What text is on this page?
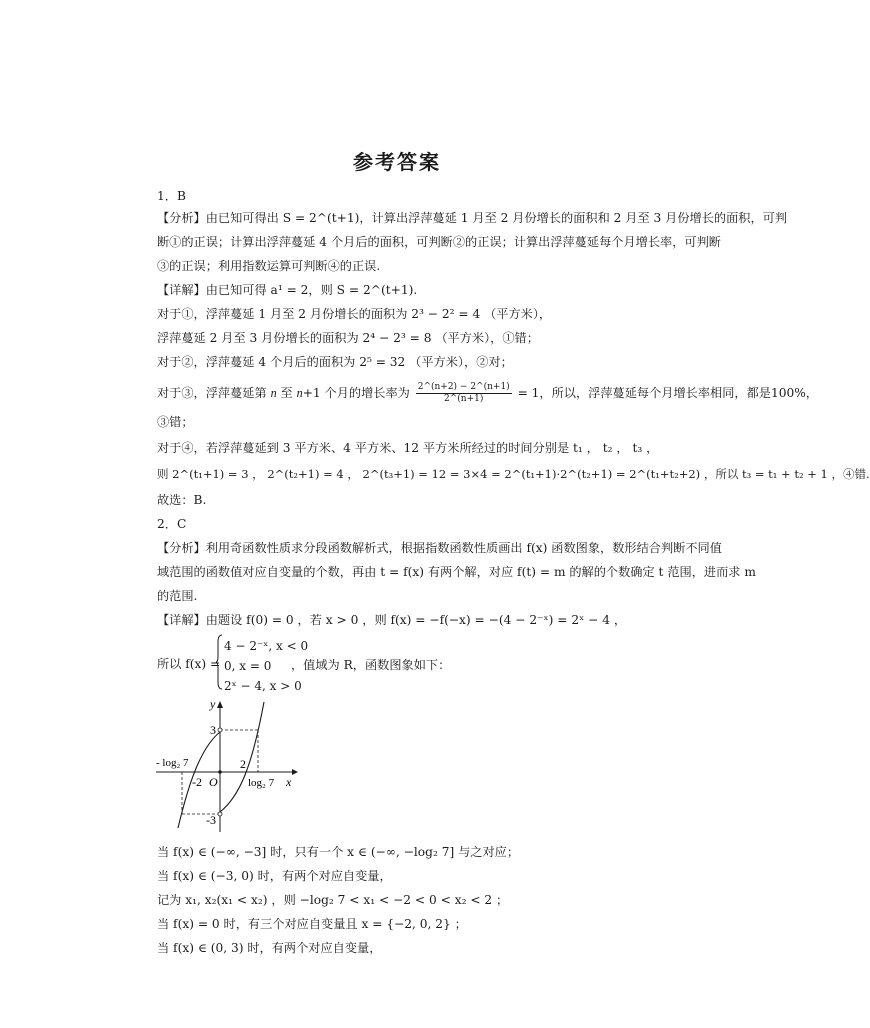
参考答案
1．B
【分析】由已知可得出 S = 2^(t+1)，计算出浮萍蔓延 1 月至 2 月份增长的面积和 2 月至 3 月份增长的面积，可判
断①的正误；计算出浮萍蔓延 4 个月后的面积，可判断②的正误；计算出浮萍蔓延每个月增长率，可判断
③的正误；利用指数运算可判断④的正误.
【详解】由已知可得 a¹ = 2，则 S = 2^(t+1).
对于①，浮萍蔓延 1 月至 2 月份增长的面积为 2³ − 2² = 4 （平方米），
浮萍蔓延 2 月至 3 月份增长的面积为 2⁴ − 2³ = 8 （平方米），①错；
对于②，浮萍蔓延 4 个月后的面积为 2⁵ = 32 （平方米），②对；
对于③，浮萍蔓延第 n 至 n+1 个月的增长率为 $\frac{2\^{}(n+2) - 2\^{}(n+1)}{2\^{}(n+1)} = 1$，所以，浮萍蔓延每个月增长率相同，都是100%，
③错；
对于④，若浮萍蔓延到 3 平方米、4 平方米、12 平方米所经过的时间分别是 t₁ ， t₂ ， t₃ ，
则 2^(t₁+1) = 3 ， 2^(t₂+1) = 4 ， 2^(t₃+1) = 12 = 3×4 = 2^(t₁+1)·2^(t₂+1) = 2^(t₁+t₂+2) ，所以 t₃ = t₁ + t₂ + 1 ，④错.
故选：B.
2．C
【分析】利用奇函数性质求分段函数解析式，根据指数函数性质画出 f(x) 函数图象，数形结合判断不同值
域范围的函数值对应自变量的个数，再由 t = f(x) 有两个解，对应 f(t) = m 的解的个数确定 t 范围，进而求 m
的范围.
【详解】由题设 f(0) = 0 ，若 x > 0 ，则 f(x) = −f(−x) = −(4 − 2⁻ˣ) = 2ˣ − 4 ，
所以 f(x) =
4 − 2⁻ˣ, x < 0
0, x = 0
2ˣ − 4, x > 0
，值域为 R，函数图象如下：
y
x
O
3
-3
2
-2	log₂ 7
- log₂ 7
当 f(x) ∈ (−∞, −3] 时，只有一个 x ∈ (−∞, −log₂ 7] 与之对应；
当 f(x) ∈ (−3, 0) 时，有两个对应自变量，
记为 x₁, x₂(x₁ < x₂) ，则 −log₂ 7 < x₁ < −2 < 0 < x₂ < 2 ；
当 f(x) = 0 时，有三个对应自变量且 x = {−2, 0, 2} ；
当 f(x) ∈ (0, 3) 时，有两个对应自变量，
